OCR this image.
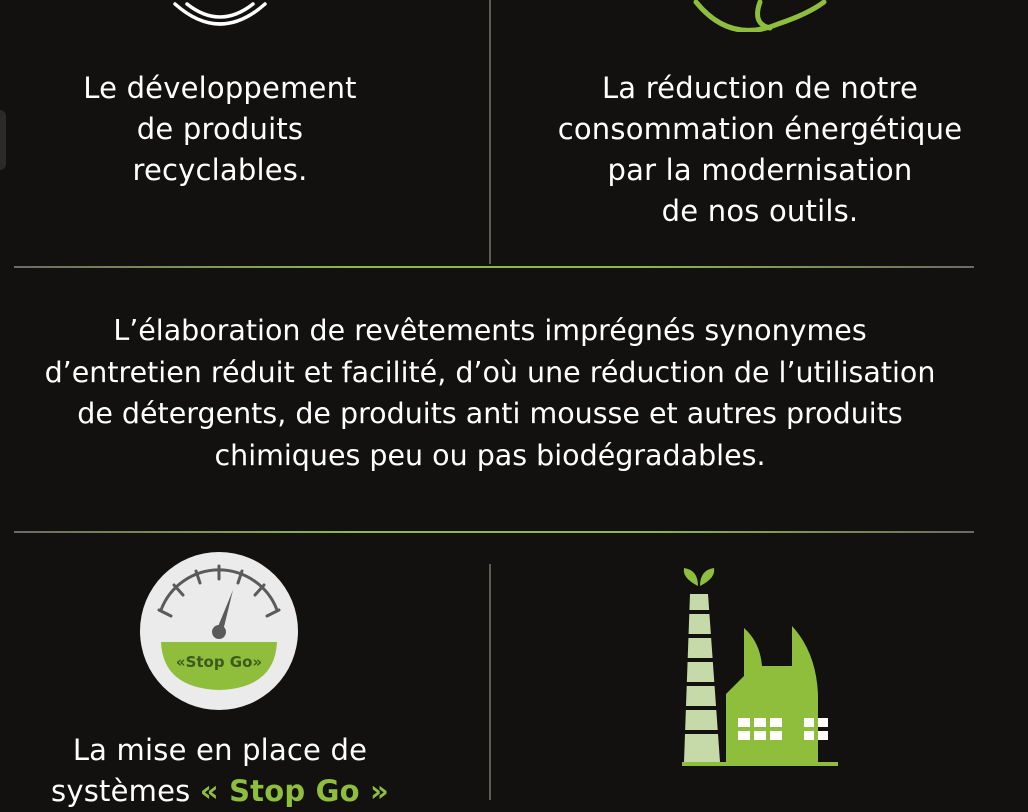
Le développement
de produits
recyclables.
La réduction de notre
consommation énergétique
par la modernisation
de nos outils.
L’élaboration de revêtements imprégnés synonymes
d’entretien réduit et facilité, d’où une réduction de l’utilisation
de détergents, de produits anti mousse et autres produits
chimiques peu ou pas biodégradables.
«Stop Go»
La mise en place de
systèmes « Stop Go »
